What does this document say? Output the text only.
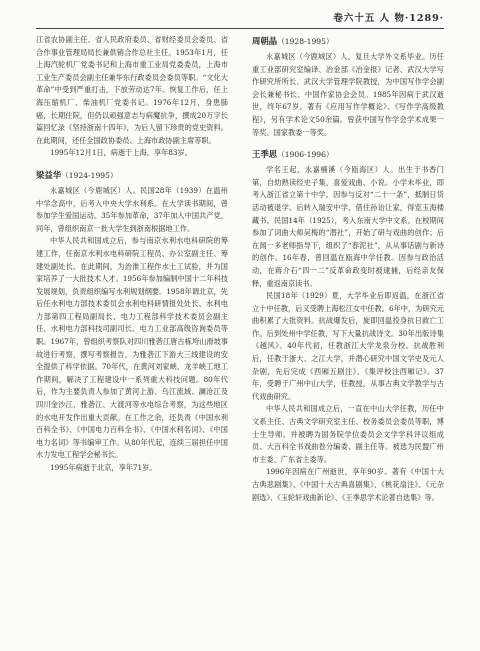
卷六十五 人 物·1289·

江省农协副主任、省人民政府委员、省财经委员会委员、省合作事业管理局局长兼供销合作总社主任。1953年1月，任上海汽轮机厂党委书记和上海市重工业局党委委员，上海市工业生产委员会副主任兼华东行政委员会委员等职。“文化大革命”中受到严重打击，下放劳动达7年。恢复工作后，任上海压缩机厂、柴油机厂党委书记。1976年12月，身患肺癌，长期住院，但仍以顽强意志与病魔抗争，撰成20万字长篇回忆录《坚持浙南十四年》，为后人留下珍贵的党史资料。在此期间，还任全国政协委员、上海市政协副主席等职。

1995年12月1日，病逝于上海，享年83岁。

梁益华（1924-1995）

永嘉城区（今鹿城区）人。民国28年（1939）在温州中学念高中，后考入中央大学水利系。在大学读书期间，曾参加学生爱国运动。35年参加革命，37年加入中国共产党，同年，曾组织南京一批大学生到浙南根据地工作。

中华人民共和国成立后，参与南京水利水电科研院的筹建工作，任南京水利水电科研院工程员、办公室副主任、筹建处副处长。在此期间，为治淮工程作水土工试验，并为国家培养了一大批技术人才。1956年参加编制中国十二年科技发展规划，负责组织编写水利规划纲要。1958年调北京，先后任水利电力部技术委员会水利电科研情报处处长、水利电力部第四工程局副局长、电力工程部科学技术委员会副主任、水利电力部科技司副司长、电力工业部高级咨询委员等职。1967年，曾组织考察队对四川雅砻江唐古栋垮山滑坡事故进行考察，撰写考察报告，为雅砻江下游大三线建设的安全提供了科学依据。70年代，在黄河刘家峡、龙羊峡工地工作期间，解决了工程建设中一系列重大科技问题。80年代后，作为主要负责人参加了黄河上游、乌江流域、澜沧江及四川金沙江、雅砻江、大渡河等水电综合考察，为这些地区的水电开发作出重大贡献。在工作之余，还负责《中国水利百科全书》、《中国电力百科全书》、《中国水利名词》、《中国电力名词》等书编审工作。从80年代起，连续三届担任中国水力发电工程学会秘书长。

1995年病逝于北京，享年71岁。

周朝晶（1928-1995）

永嘉城区（今鹿城区）人。复旦大学外文系毕业。历任重工业部研究室编译、冶金部《冶金报》记者、武汉大学写作研究所所长、武汉大学管理学院教授，为中国写作学会副会长兼秘书长、中国作家协会会员。1985年因病于武汉逝世，终年67岁。著有《应用写作学概论》、《写作学高级教程》，另有学术论文50余篇。曾获中国写作学会学术成果一等奖、国家教委一等奖。

王季思（1906-1996）

学名王起，永嘉楠溪（今瓯海区）人。出生于书香门第，自幼熟读经史子集，喜爱戏曲、小说。小学未毕业，即考入浙江省立第十中学。因参与反对“二十一条”，抵制日货活动被退学。后转入瑞安中学，借住孙诒让家，得览玉海楼藏书。民国14年（1925），考入东南大学中文系。在校期间参加了词曲大师吴梅的“潜社”，开始了研与戏曲的创作；后在闻一多老师指导下，组织了“春泥社”，从从事话剧与新诗的创作。16年春，曾回温在瓯海中学任教。因参与政治活动，在蒋介石“四一二”反革命政变时被逮捕，后经亲友保释，重返南京读书。

民国18年（1929）夏，大学毕业后即返温，在浙江省立十中任教，后又受聘上海松江女中任教。6年中，为研究元曲积累了大批资料。抗战爆发后，旋即回温投身抗日救亡工作。后到处州中学任教，写下大量抗战诗文。30年出版诗集《越风》。40年代初，任教浙江大学龙泉分校。抗战胜利后，任教于浙大、之江大学，并潜心研究中国文学史及元人杂剧，先后完成《西厢五剧注》、《集评校注西厢记》。37年，受聘于广州中山大学，任教授，从事古典文学教学与古代戏曲研究。

中华人民共和国成立后，一直在中山大学任教，历任中文系主任、古典文学研究室主任、校务委员会委员等职，博士生导师。并被聘为国务院学位委员会文学学科评议组成员、大百科全书戏曲卷分编委、副主任等。被选为民盟广州市主委、广东省主委等。

1996年因病在广州逝世，享年90岁。著有《中国十大古典悲剧集》、《中国十大古典喜剧集》、《桃花扇注》、《元杂剧选》、《玉轮轩戏曲新论》、《王季思学术论著自选集》等。
